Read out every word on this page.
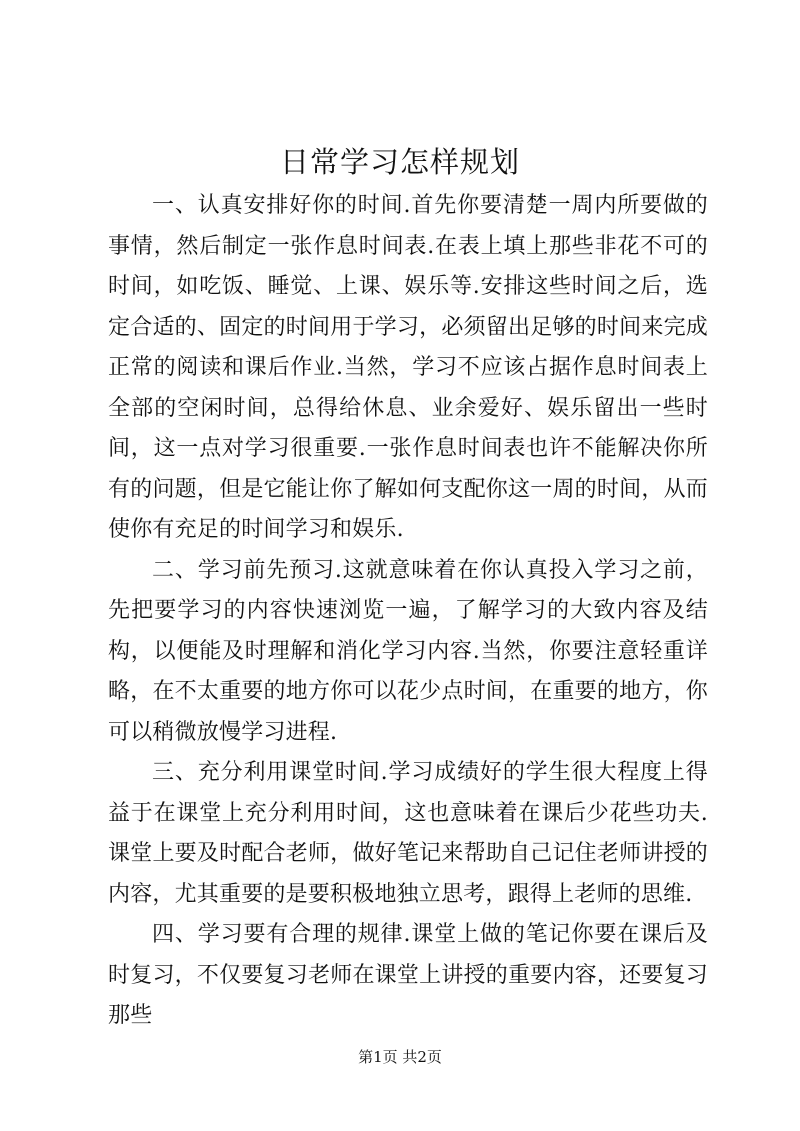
日常学习怎样规划

一、认真安排好你的时间.首先你要清楚一周内所要做的事情，然后制定一张作息时间表.在表上填上那些非花不可的时间，如吃饭、睡觉、上课、娱乐等.安排这些时间之后，选定合适的、固定的时间用于学习，必须留出足够的时间来完成正常的阅读和课后作业.当然，学习不应该占据作息时间表上全部的空闲时间，总得给休息、业余爱好、娱乐留出一些时间，这一点对学习很重要.一张作息时间表也许不能解决你所有的问题，但是它能让你了解如何支配你这一周的时间，从而使你有充足的时间学习和娱乐.

二、学习前先预习.这就意味着在你认真投入学习之前，先把要学习的内容快速浏览一遍，了解学习的大致内容及结构，以便能及时理解和消化学习内容.当然，你要注意轻重详略，在不太重要的地方你可以花少点时间，在重要的地方，你可以稍微放慢学习进程.

三、充分利用课堂时间.学习成绩好的学生很大程度上得益于在课堂上充分利用时间，这也意味着在课后少花些功夫.课堂上要及时配合老师，做好笔记来帮助自己记住老师讲授的内容，尤其重要的是要积极地独立思考，跟得上老师的思维.

四、学习要有合理的规律.课堂上做的笔记你要在课后及时复习，不仅要复习老师在课堂上讲授的重要内容，还要复习那些

第1页 共2页
